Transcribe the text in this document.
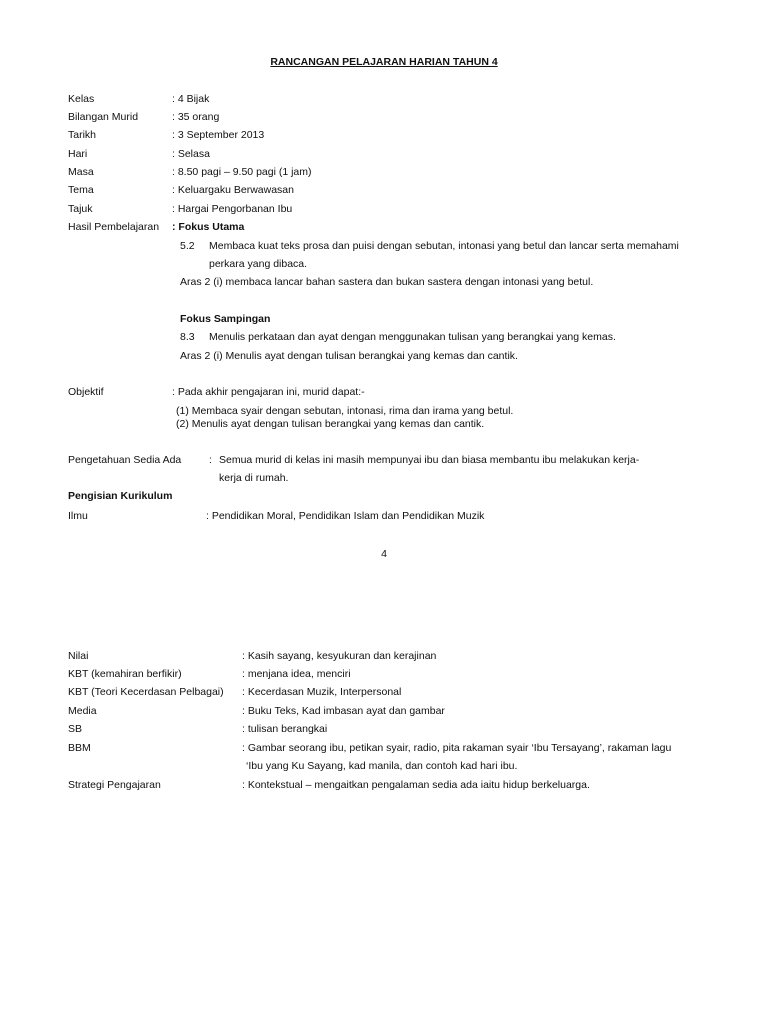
RANCANGAN PELAJARAN HARIAN TAHUN 4
Kelas	: 4 Bijak
Bilangan Murid	: 35 orang
Tarikh	: 3 September 2013
Hari	: Selasa
Masa	: 8.50 pagi – 9.50 pagi (1 jam)
Tema	: Keluargaku Berwawasan
Tajuk	: Hargai Pengorbanan Ibu
Hasil Pembelajaran : Fokus Utama
5.2 Membaca kuat teks prosa dan puisi dengan sebutan, intonasi yang betul dan lancar serta memahami
perkara yang dibaca.
Aras 2 (i) membaca lancar bahan sastera dan bukan sastera dengan intonasi yang betul.
Fokus Sampingan
8.3 Menulis perkataan dan ayat dengan menggunakan tulisan yang berangkai yang kemas.
Aras 2 (i) Menulis ayat dengan tulisan berangkai yang kemas dan cantik.
Objektif	: Pada akhir pengajaran ini, murid dapat:-
(1) Membaca syair dengan sebutan, intonasi, rima dan irama yang betul.
(2) Menulis ayat dengan tulisan berangkai yang kemas dan cantik.
Pengetahuan Sedia Ada	: Semua murid di kelas ini masih mempunyai ibu dan biasa membantu ibu melakukan kerja-
kerja di rumah.
Pengisian Kurikulum
Ilmu	: Pendidikan Moral, Pendidikan Islam dan Pendidikan Muzik
4
Nilai	: Kasih sayang, kesyukuran dan kerajinan
KBT (kemahiran berfikir)	: menjana idea, menciri
KBT (Teori Kecerdasan Pelbagai) : Kecerdasan Muzik, Interpersonal
Media	: Buku Teks, Kad imbasan ayat dan gambar
SB	: tulisan berangkai
BBM	: Gambar seorang ibu, petikan syair, radio, pita rakaman syair ‘Ibu Tersayang’, rakaman lagu
‘Ibu yang Ku Sayang, kad manila, dan contoh kad hari ibu.
Strategi Pengajaran	: Kontekstual – mengaitkan pengalaman sedia ada iaitu hidup berkeluarga.
